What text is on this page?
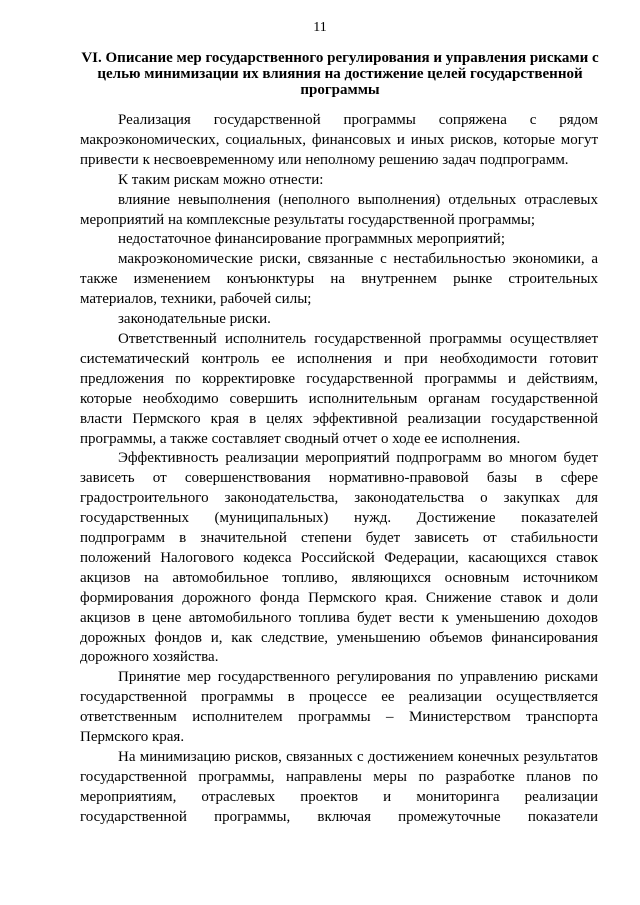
11
VI. Описание мер государственного регулирования и управления рисками с целью минимизации их влияния на достижение целей государственной программы

Реализация государственной программы сопряжена с рядом макроэкономических, социальных, финансовых и иных рисков, которые могут привести к несвоевременному или неполному решению задач подпрограмм.

К таким рискам можно отнести:

влияние невыполнения (неполного выполнения) отдельных отраслевых мероприятий на комплексные результаты государственной программы;

недостаточное финансирование программных мероприятий;

макроэкономические риски, связанные с нестабильностью экономики, а также изменением конъюнктуры на внутреннем рынке строительных материалов, техники, рабочей силы;

законодательные риски.

Ответственный исполнитель государственной программы осуществляет систематический контроль ее исполнения и при необходимости готовит предложения по корректировке государственной программы и действиям, которые необходимо совершить исполнительным органам государственной власти Пермского края в целях эффективной реализации государственной программы, а также составляет сводный отчет о ходе ее исполнения.

Эффективность реализации мероприятий подпрограмм во многом будет зависеть от совершенствования нормативно-правовой базы в сфере градостроительного законодательства, законодательства о закупках для государственных (муниципальных) нужд. Достижение показателей подпрограмм в значительной степени будет зависеть от стабильности положений Налогового кодекса Российской Федерации, касающихся ставок акцизов на автомобильное топливо, являющихся основным источником формирования дорожного фонда Пермского края. Снижение ставок и доли акцизов в цене автомобильного топлива будет вести к уменьшению доходов дорожных фондов и, как следствие, уменьшению объемов финансирования дорожного хозяйства.

Принятие мер государственного регулирования по управлению рисками государственной программы в процессе ее реализации осуществляется ответственным исполнителем программы – Министерством транспорта Пермского края.

На минимизацию рисков, связанных с достижением конечных результатов государственной программы, направлены меры по разработке планов по мероприятиям, отраслевых проектов и мониторинга реализации государственной программы, включая промежуточные показатели
